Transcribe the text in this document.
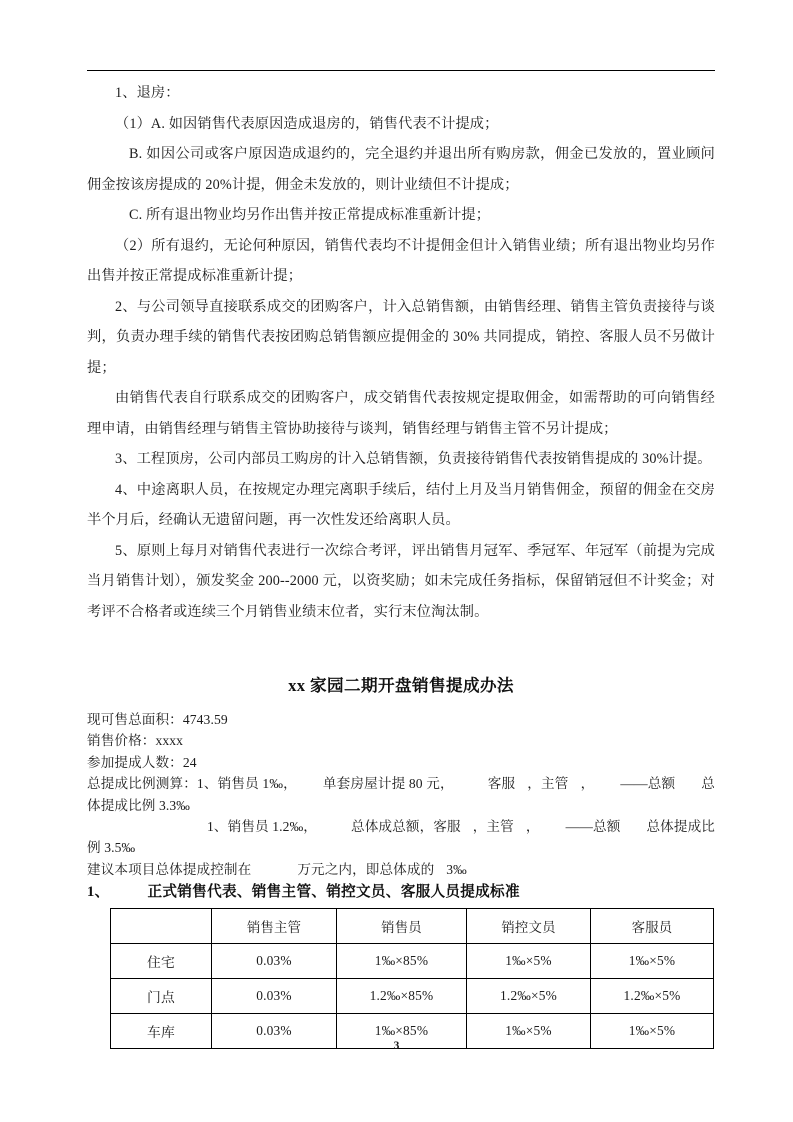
1、退房：

（1）A. 如因销售代表原因造成退房的，销售代表不计提成；

B. 如因公司或客户原因造成退约的，完全退约并退出所有购房款，佣金已发放的，置业顾问佣金按该房提成的 20%计提，佣金未发放的，则计业绩但不计提成；

C. 所有退出物业均另作出售并按正常提成标准重新计提；

（2）所有退约，无论何种原因，销售代表均不计提佣金但计入销售业绩；所有退出物业均另作出售并按正常提成标准重新计提；

2、与公司领导直接联系成交的团购客户，计入总销售额，由销售经理、销售主管负责接待与谈判，负责办理手续的销售代表按团购总销售额应提佣金的 30% 共同提成，销控、客服人员不另做计提；

由销售代表自行联系成交的团购客户，成交销售代表按规定提取佣金，如需帮助的可向销售经理申请，由销售经理与销售主管协助接待与谈判，销售经理与销售主管不另计提成；

3、工程顶房，公司内部员工购房的计入总销售额，负责接待销售代表按销售提成的 30%计提。

4、中途离职人员，在按规定办理完离职手续后，结付上月及当月销售佣金，预留的佣金在交房半个月后，经确认无遗留问题，再一次性发还给离职人员。

5、原则上每月对销售代表进行一次综合考评，评出销售月冠军、季冠军、年冠军（前提为完成当月销售计划），颁发奖金 200--2000 元，以资奖励；如未完成任务指标，保留销冠但不计奖金；对考评不合格者或连续三个月销售业绩末位者，实行末位淘汰制。

xx 家园二期开盘销售提成办法

现可售总面积：4743.59

销售价格：xxxx

参加提成人数：24

总提成比例测算：1、销售员 1‰， 单套房屋计提 80 元，	客服 ，主管 ， ——总额 总体提成比例 3.3‰

1、销售员 1.2‰，	总体成总额，客服 ，主管 ， ——总额 总体提成比例 3.5‰

建议本项目总体提成控制在	万元之内，即总体成的 3‰

1、	正式销售代表、销售主管、销控文员、客服人员提成标准
	销售主管	销售员	销控文员	客服员
住宅	0.03%	1‰×85%	1‰×5%	1‰×5%
门点	0.03%	1.2‰×85%	1.2‰×5%	1.2‰×5%
车库	0.03%	1‰×85%	1‰×5%	1‰×5%
3
